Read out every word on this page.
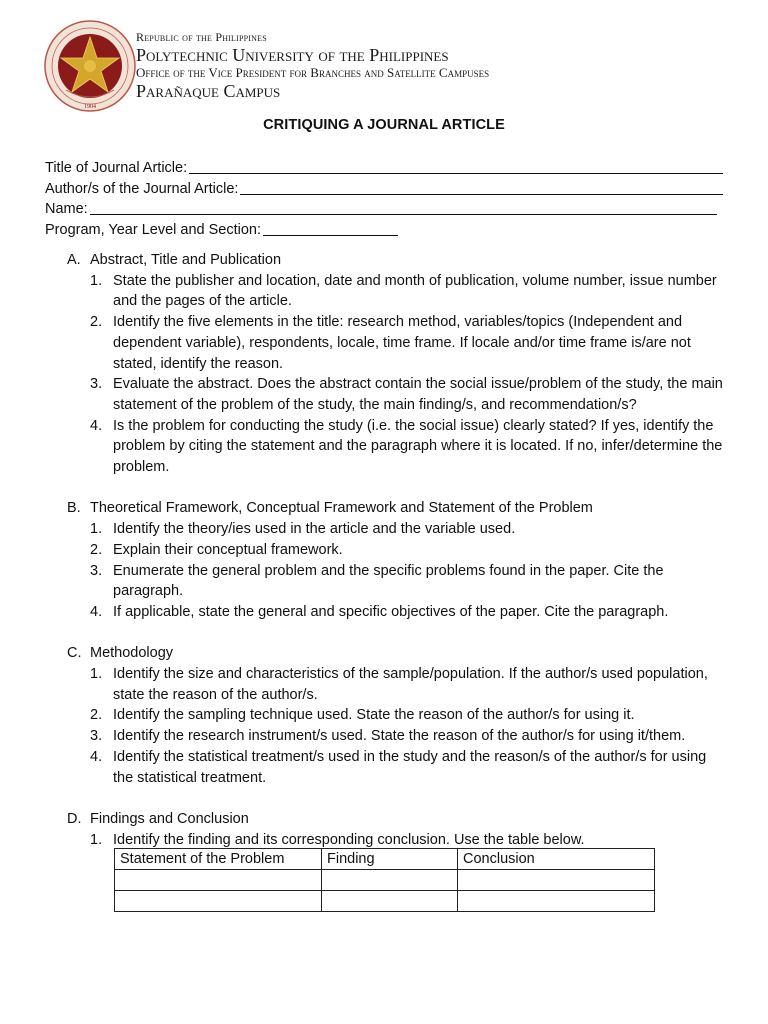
1904
Republic of the Philippines
Polytechnic University of the Philippines
Office of the Vice President for Branches and Satellite Campuses
Parañaque Campus
CRITIQUING A JOURNAL ARTICLE
Title of Journal Article:
Author/s of the Journal Article:
Name:
Program, Year Level and Section:
A. Abstract, Title and Publication
1. State the publisher and location, date and month of publication, volume number, issue number and the pages of the article.
2. Identify the five elements in the title: research method, variables/topics (Independent and dependent variable), respondents, locale, time frame. If locale and/or time frame is/are not stated, identify the reason.
3. Evaluate the abstract. Does the abstract contain the social issue/problem of the study, the main statement of the problem of the study, the main finding/s, and recommendation/s?
4. Is the problem for conducting the study (i.e. the social issue) clearly stated? If yes, identify the problem by citing the statement and the paragraph where it is located. If no, infer/determine the problem.
B. Theoretical Framework, Conceptual Framework and Statement of the Problem
1. Identify the theory/ies used in the article and the variable used.
2. Explain their conceptual framework.
3. Enumerate the general problem and the specific problems found in the paper. Cite the paragraph.
4. If applicable, state the general and specific objectives of the paper. Cite the paragraph.
C. Methodology
1. Identify the size and characteristics of the sample/population. If the author/s used population, state the reason of the author/s.
2. Identify the sampling technique used. State the reason of the author/s for using it.
3. Identify the research instrument/s used. State the reason of the author/s for using it/them.
4. Identify the statistical treatment/s used in the study and the reason/s of the author/s for using the statistical treatment.
D. Findings and Conclusion
1. Identify the finding and its corresponding conclusion. Use the table below.
Statement of the Problem	Finding	Conclusion
